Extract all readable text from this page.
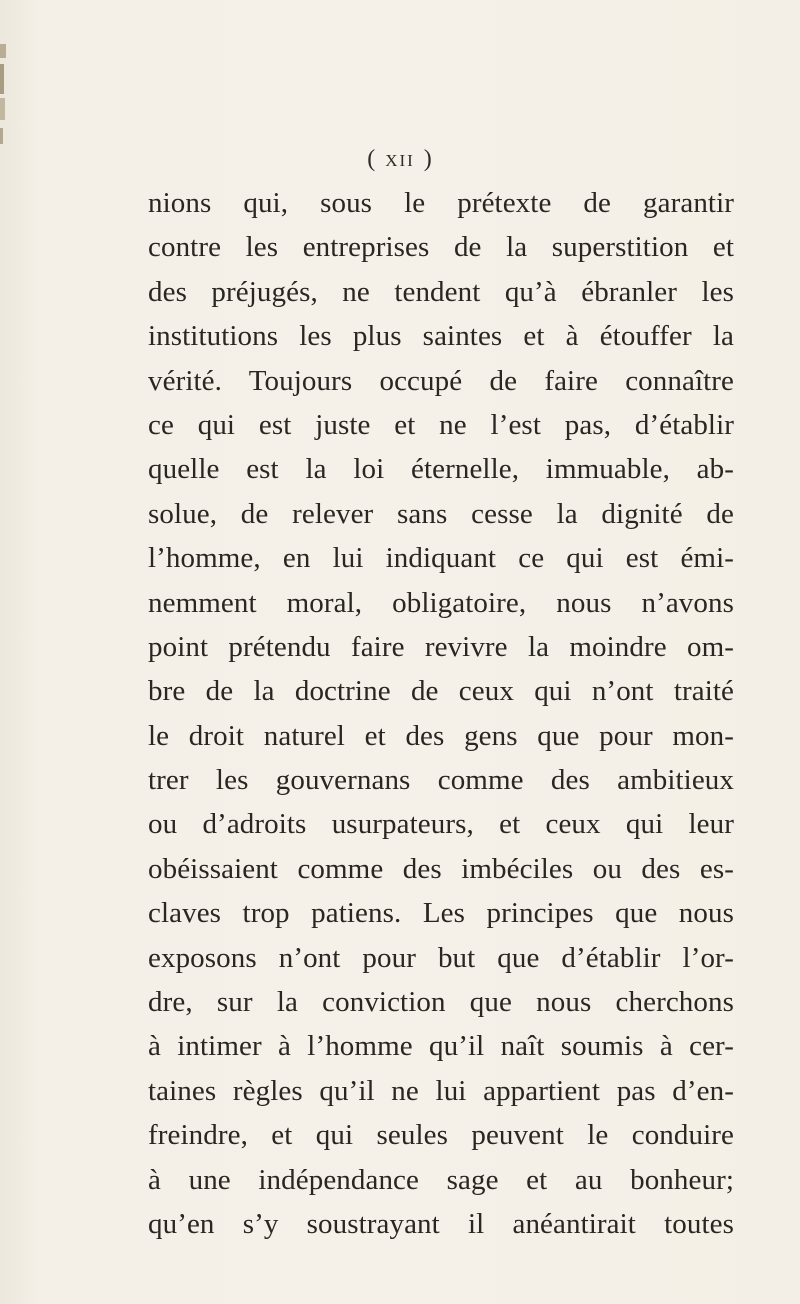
( XII )
nions qui, sous le prétexte de garantir
contre les entreprises de la superstition et
des préjugés, ne tendent qu’à ébranler les
institutions les plus saintes et à étouffer la
vérité. Toujours occupé de faire connaître
ce qui est juste et ne l’est pas, d’établir
quelle est la loi éternelle, immuable, ab-
solue, de relever sans cesse la dignité de
l’homme, en lui indiquant ce qui est émi-
nemment moral, obligatoire, nous n’avons
point prétendu faire revivre la moindre om-
bre de la doctrine de ceux qui n’ont traité
le droit naturel et des gens que pour mon-
trer les gouvernans comme des ambitieux
ou d’adroits usurpateurs, et ceux qui leur
obéissaient comme des imbéciles ou des es-
claves trop patiens. Les principes que nous
exposons n’ont pour but que d’établir l’or-
dre, sur la conviction que nous cherchons
à intimer à l’homme qu’il naît soumis à cer-
taines règles qu’il ne lui appartient pas d’en-
freindre, et qui seules peuvent le conduire
à une indépendance sage et au bonheur;
qu’en s’y soustrayant il anéantirait toutes
